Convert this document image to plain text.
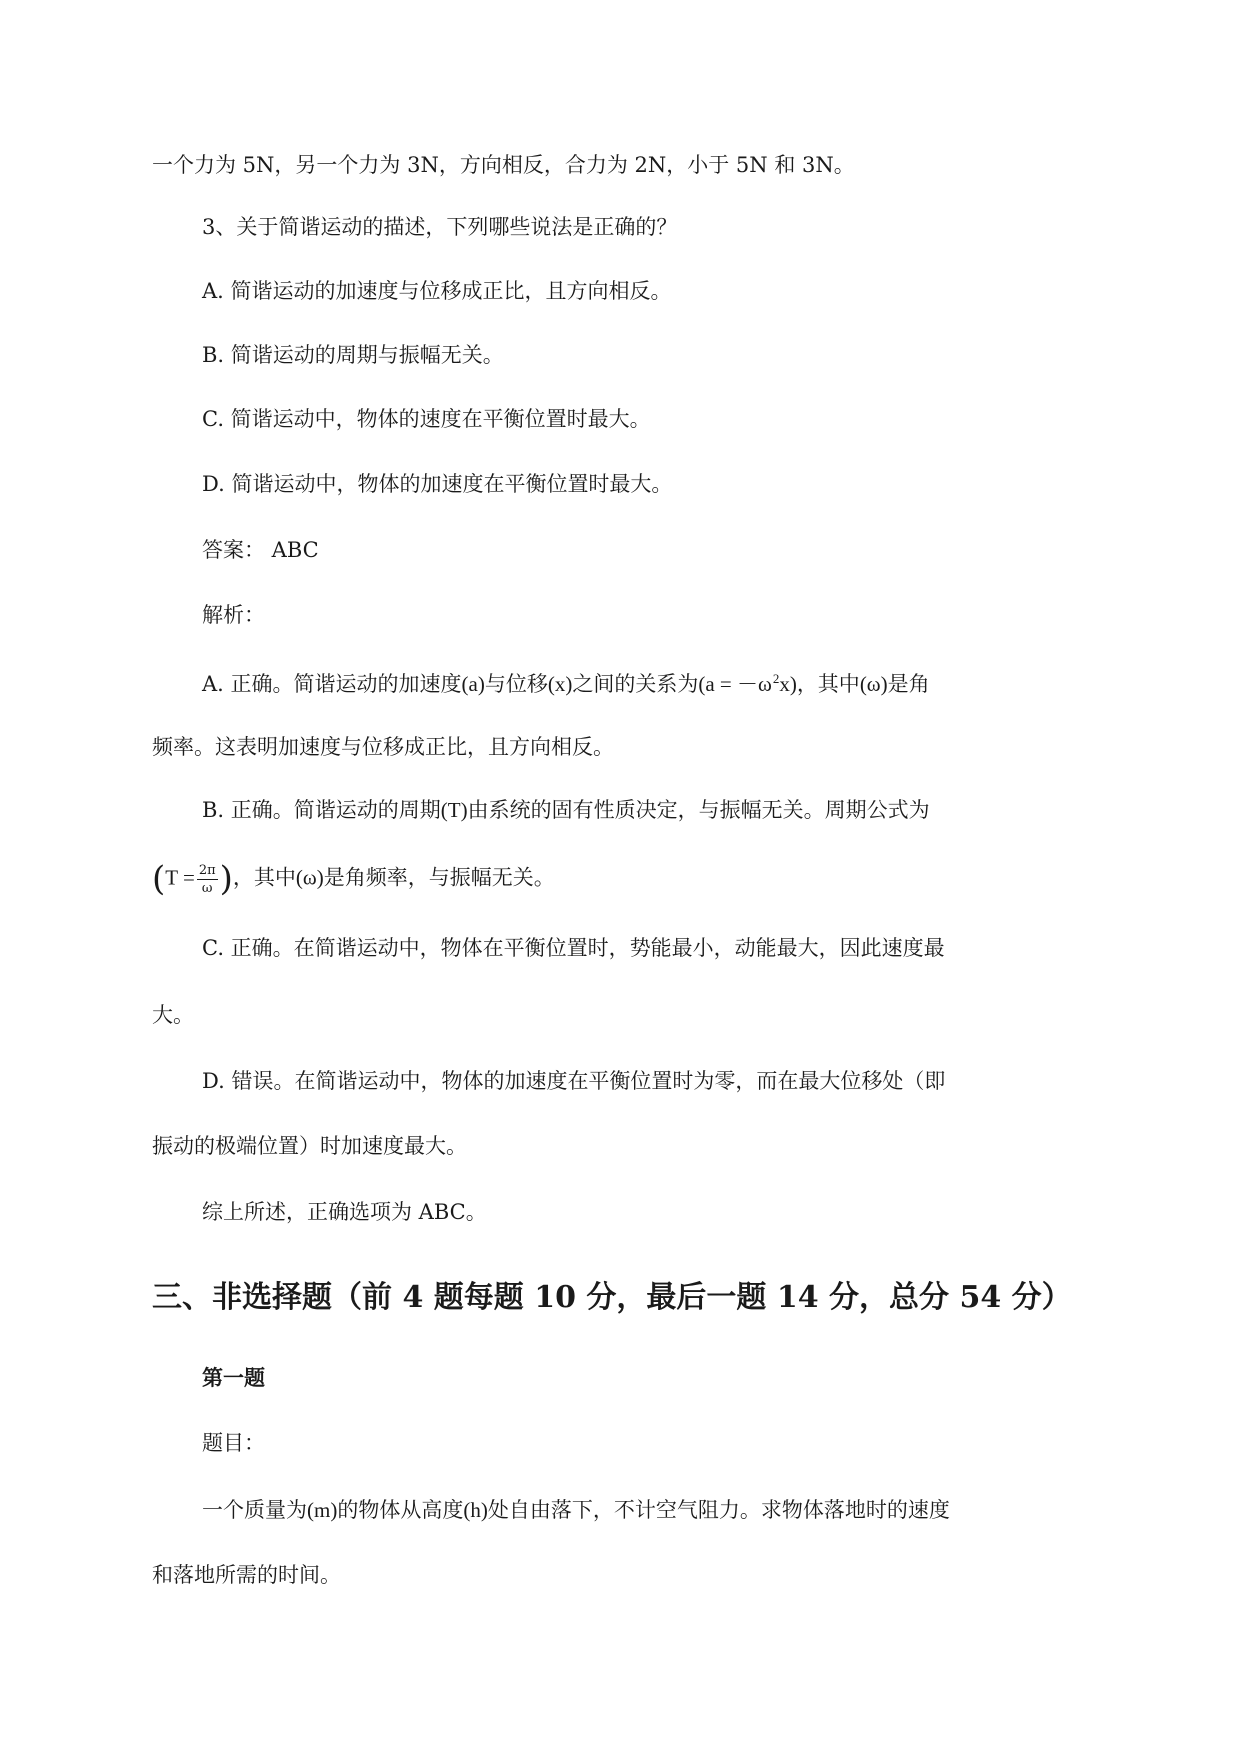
一个力为 5N，另一个力为 3N，方向相反，合力为 2N，小于 5N 和 3N。
3、关于简谐运动的描述，下列哪些说法是正确的？
A. 简谐运动的加速度与位移成正比，且方向相反。
B. 简谐运动的周期与振幅无关。
C. 简谐运动中，物体的速度在平衡位置时最大。
D. 简谐运动中，物体的加速度在平衡位置时最大。
答案： ABC
解析：
A. 正确。简谐运动的加速度(a)与位移(x)之间的关系为$(a = -\omega^2x)$，其中(ω)是角
频率。这表明加速度与位移成正比，且方向相反。
B. 正确。简谐运动的周期(T)由系统的固有性质决定，与振幅无关。周期公式为
($T = \frac{2\pi}{\omega}$ )，其中(ω)是角频率，与振幅无关。
C. 正确。在简谐运动中，物体在平衡位置时，势能最小，动能最大，因此速度最
大。
D. 错误。在简谐运动中，物体的加速度在平衡位置时为零，而在最大位移处（即
振动的极端位置）时加速度最大。
综上所述，正确选项为 ABC。
三、非选择题（前 4 题每题 10 分，最后一题 14 分，总分 54 分）
第一题
题目：
一个质量为(m)的物体从高度(h)处自由落下，不计空气阻力。求物体落地时的速度
和落地所需的时间。
